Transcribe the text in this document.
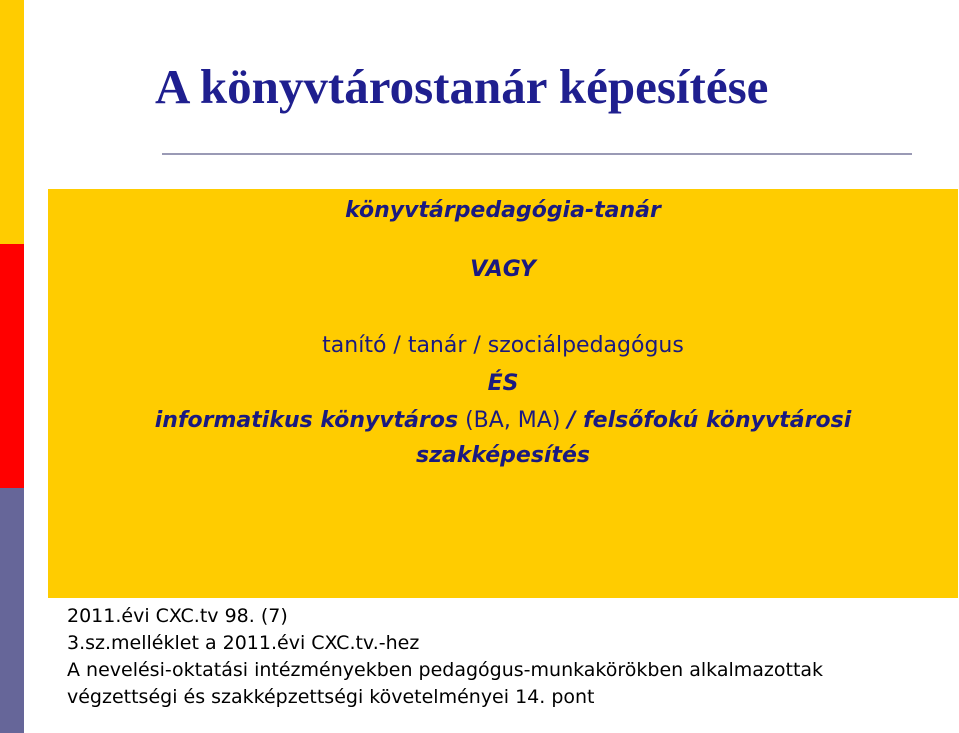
A könyvtárostanár képesítése

könyvtárpedagógia-tanár

VAGY

tanító / tanár / szociálpedagógus

ÉS

informatikus könyvtáros (BA, MA) / felsőfokú könyvtárosi

szakképesítés

2011.évi CXC.tv 98. (7)
3.sz.melléklet a 2011.évi CXC.tv.-hez
A nevelési-oktatási intézményekben pedagógus-munkakörökben alkalmazottak
végzettségi és szakképzettségi követelményei 14. pont
